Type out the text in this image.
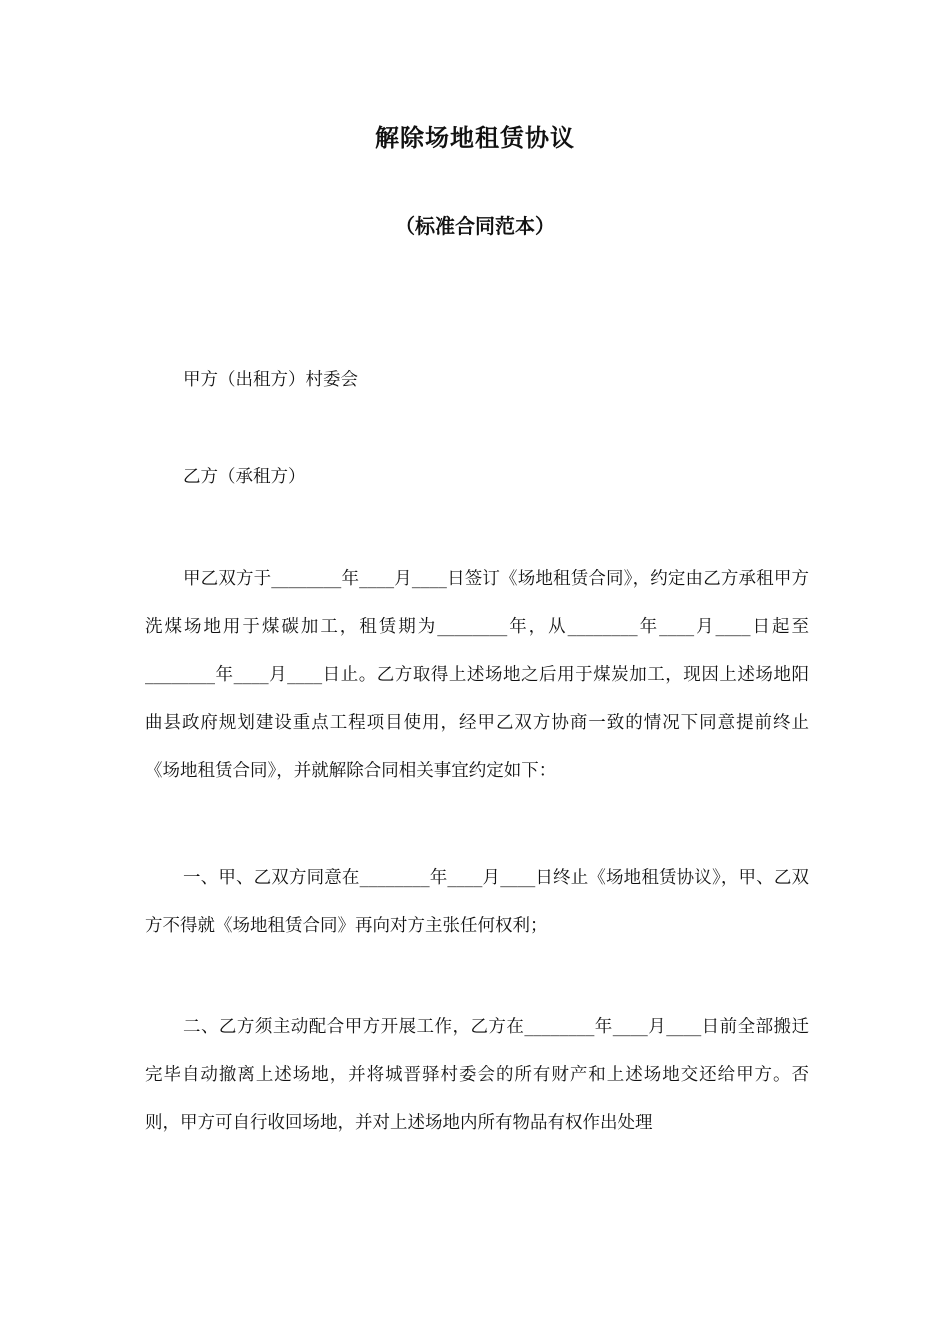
解除场地租赁协议
（标准合同范本）

甲方（出租方）村委会

乙方（承租方）

甲乙双方于________年____月____日签订《场地租赁合同》，约定由乙方承租甲方洗煤场地用于煤碳加工，租赁期为________年，从________年____月____日起至________年____月____日止。乙方取得上述场地之后用于煤炭加工，现因上述场地阳曲县政府规划建设重点工程项目使用，经甲乙双方协商一致的情况下同意提前终止《场地租赁合同》，并就解除合同相关事宜约定如下：

一、甲、乙双方同意在________年____月____日终止《场地租赁协议》，甲、乙双方不得就《场地租赁合同》再向对方主张任何权利；

二、乙方须主动配合甲方开展工作，乙方在________年____月____日前全部搬迁完毕自动撤离上述场地，并将城晋驿村委会的所有财产和上述场地交还给甲方。否则，甲方可自行收回场地，并对上述场地内所有物品有权作出处理
